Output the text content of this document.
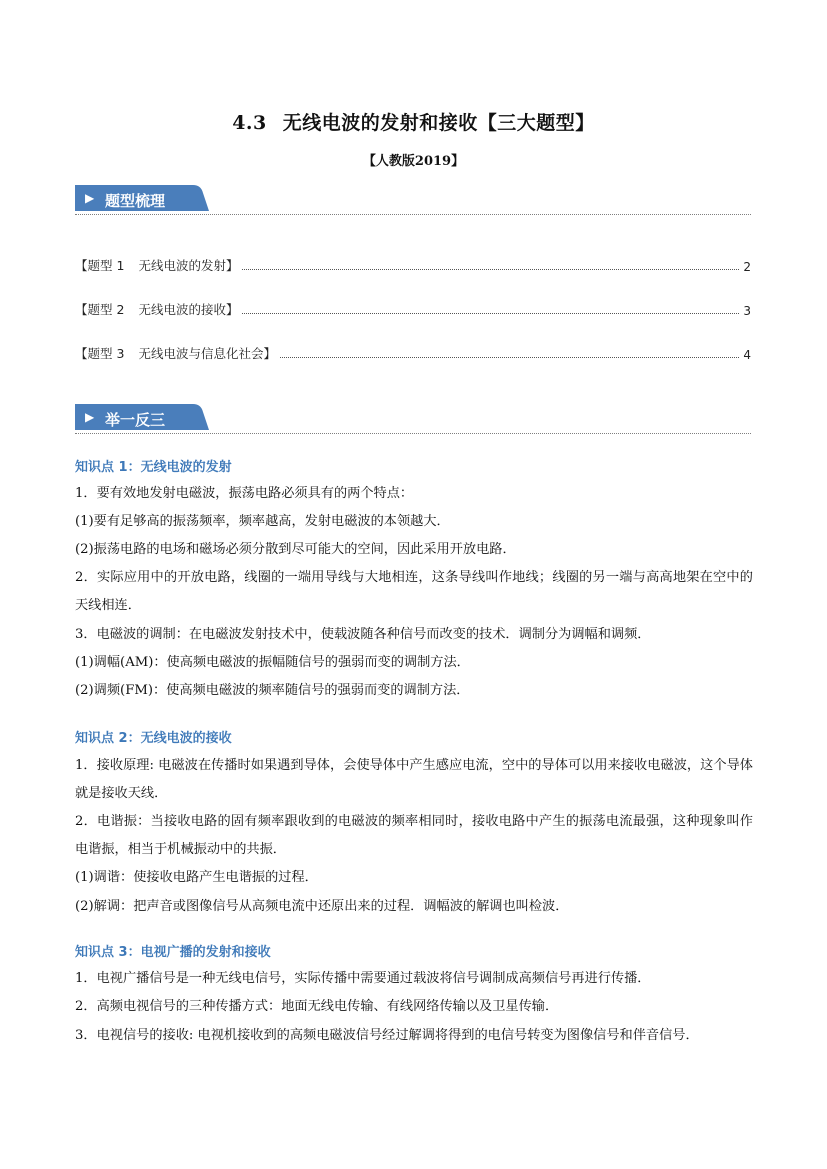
4.3 无线电波的发射和接收【三大题型】
【人教版2019】
▶ 题型梳理
【题型 1 无线电波的发射】	2
【题型 2 无线电波的接收】	3
【题型 3 无线电波与信息化社会】	4
▶ 举一反三
知识点 1：无线电波的发射
1．要有效地发射电磁波，振荡电路必须具有的两个特点：
(1)要有足够高的振荡频率，频率越高，发射电磁波的本领越大．
(2)振荡电路的电场和磁场必须分散到尽可能大的空间，因此采用开放电路．
2．实际应用中的开放电路，线圈的一端用导线与大地相连，这条导线叫作地线；线圈的另一端与高高地架在空中的天线相连．
3．电磁波的调制：在电磁波发射技术中，使载波随各种信号而改变的技术．调制分为调幅和调频．
(1)调幅(AM)：使高频电磁波的振幅随信号的强弱而变的调制方法．
(2)调频(FM)：使高频电磁波的频率随信号的强弱而变的调制方法．
知识点 2：无线电波的接收
1．接收原理: 电磁波在传播时如果遇到导体，会使导体中产生感应电流，空中的导体可以用来接收电磁波，这个导体就是接收天线．
2．电谐振：当接收电路的固有频率跟收到的电磁波的频率相同时，接收电路中产生的振荡电流最强，这种现象叫作电谐振，相当于机械振动中的共振．
(1)调谐：使接收电路产生电谐振的过程．
(2)解调：把声音或图像信号从高频电流中还原出来的过程．调幅波的解调也叫检波．
知识点 3：电视广播的发射和接收
1．电视广播信号是一种无线电信号，实际传播中需要通过载波将信号调制成高频信号再进行传播．
2．高频电视信号的三种传播方式：地面无线电传输、有线网络传输以及卫星传输．
3．电视信号的接收: 电视机接收到的高频电磁波信号经过解调将得到的电信号转变为图像信号和伴音信号．
